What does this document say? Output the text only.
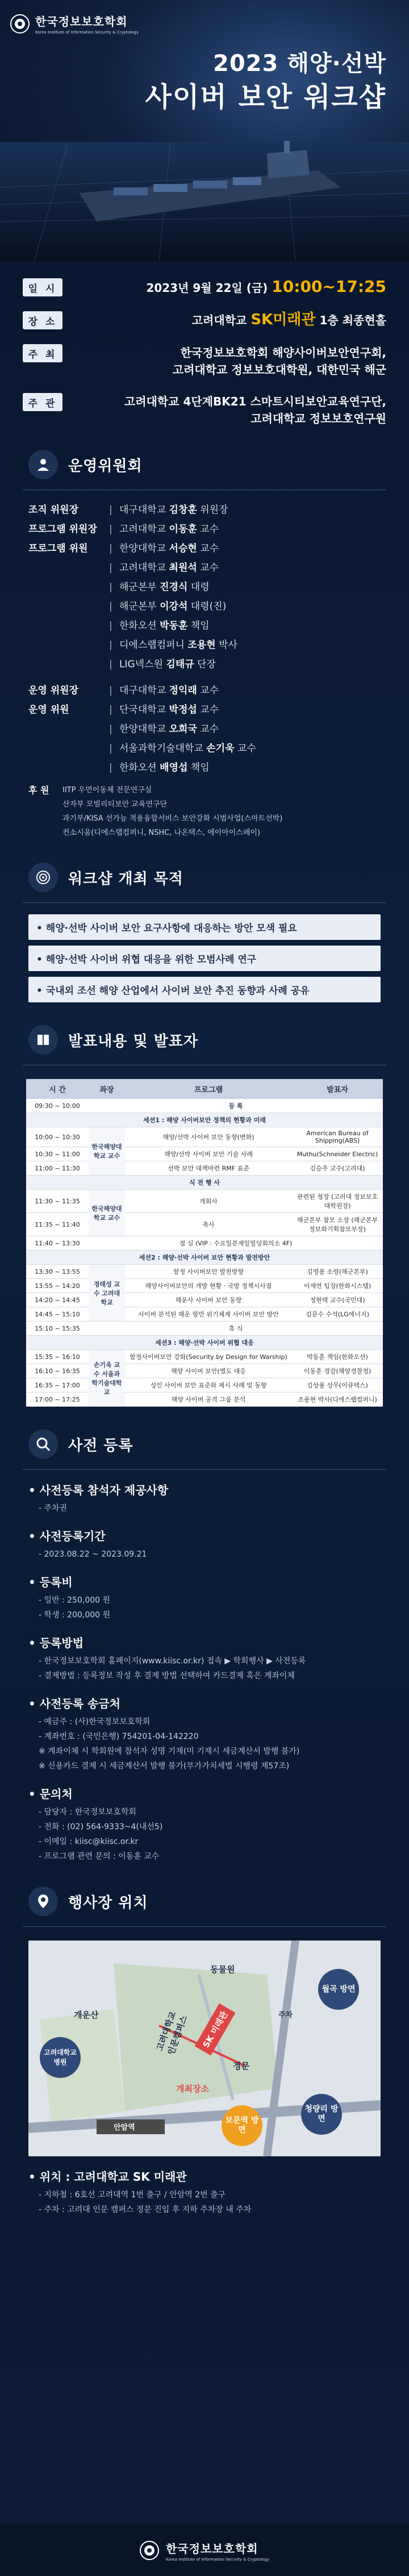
한국정보보호학회
Korea Institute of Information Security & Cryptology
2023 해양·선박
사이버 보안 워크샵
일 시	2023년 9월 22일 (금) 10:00~17:25
장 소	고려대학교 SK미래관 1층 최종현홀
주 최	한국정보보호학회 해양사이버보안연구회,
고려대학교 정보보호대학원, 대한민국 해군
주 관	고려대학교 4단계BK21 스마트시티보안교육연구단,
고려대학교 정보보호연구원
운영위원회
조직 위원장	| 대구대학교 김창훈 위원장
프로그램 위원장	| 고려대학교 이동훈 교수
프로그램 위원	| 한양대학교 서승현 교수
| 고려대학교 최원석 교수
| 해군본부 진경식 대령
| 해군본부 이강석 대령(진)
| 한화오션 박동훈 책임
| 디에스랩컴퍼니 조용현 박사
| LIG넥스원 김태규 단장
운영 위원장	| 대구대학교 정익래 교수
운영 위원	| 단국대학교 박정섭 교수
| 한양대학교 오희국 교수
| 서울과학기술대학교 손기욱 교수
| 한화오션 배영섭 책임
후 원	IITP 우먼이동체 전문연구실
산자부 모빌리티보안 교육연구단
과기부/KISA 선가능 적용융합서비스 보안강화 시범사업(스마트선박)
컨소시움(디에스랩컴퍼니, NSHC, 나온텍스, 에이아이스페이)
워크샵 개최 목적
• 해양·선박 사이버 보안 요구사항에 대응하는 방안 모색 필요
• 해양·선박 사이버 위협 대응을 위한 모범사례 연구
• 국내외 조선 해양 산업에서 사이버 보안 추진 동향과 사례 공유
발표내용 및 발표자
시 간	좌장	프로그램	발표자
09:30 ~ 10:00	등 록		
세션1 : 해양 사이버보안 정책의 현황과 미래			
10:00 ~ 10:30	한국해양대학교 교수	해양/선박 사이버 보안 동향(변화)	American Bureau of Shipping(ABS)
10:30 ~ 11:00		해양/선박 사이버 보안 기술 사례	Muthu(Schneider Electric)
11:00 ~ 11:30		선박 보안 대책마련 RMF 표준	김승주 교수(고려대)
식 전 행 사			
11:30 ~ 11:35	한국해양대학교 교수	개회사	관련된 청장 (고려대 정보보호 대학원장)
11:35 ~ 11:40		축사	해군본부 참모 소장 (해군본부 정보화기획참모부장)
11:40 ~ 13:30	점 심 (VIP : 수요일분재일빌딩회의소 4F)		
세션2 : 해양·선박 사이버 보안 현황과 발전방안			
13:30 ~ 13:55	정태성 교수 고려대학교	함정 사이버보안 발전방향	김영용 소령(해군본부)
13:55 ~ 14:20		해양사이버보안의 개발 현황 · 국방 정책시사점	이재연 팀장(한화시스템)
14:20 ~ 14:45		해운사 사이버 보안 동향	정현택 교수(국민대)
14:45 ~ 15:10		사이버 분석된 해운 항만 위기체계 사이버 보안 방안	김문수 수석(LG에너지)
15:10 ~ 15:35	휴 식		
세션3 : 해양·선박 사이버 위협 대응			
15:35 ~ 16:10	손기욱 교수 서울과학기술대학교	함정사이버보안 강화(Security by Design for Warship)	박동훈 책임(한화오션)
16:10 ~ 16:35		해양 사이버 보안(별도 대응	이동훈 경감(해양경찰청)
16:35 ~ 17:00		성인 사이버 보안 표준화 제시 사례 및 동향	김상용 상무(이큐텍스)
17:00 ~ 17:25		해양 사이버 공격 그룹 분석	조용현 박사(디에스랩컴퍼니)
사전 등록
• 사전등록 참석자 제공사항
- 주차권
• 사전등록기간
- 2023.08.22 ~ 2023.09.21
• 등록비
- 일반 : 250,000 원
- 학생 : 200,000 원
• 등록방법
- 한국정보보호학회 홈페이지(www.kiisc.or.kr) 접속 ▶ 학회행사 ▶ 사전등록
- 결제방법 : 등록정보 작성 후 결제 방법 선택하여 카드결제 혹은 계좌이체
• 사전등록 송금처
- 예금주 : (사)한국정보보호학회
- 계좌번호 : (국민은행) 754201-04-142220
※ 계좌이체 시 학회원에 참석자 성명 기재(미 기재시 세금계산서 발행 불가)
※ 신용카드 결제 시 세금계산서 발행 불가(부가가치세법 시행령 제57조)
• 문의처
- 담당자 : 한국정보보호학회
- 전화 : (02) 564-9333~4(내선5)
- 이메일 : kiisc@kiisc.or.kr
- 프로그램 관련 문의 : 이동훈 교수
행사장 위치
개운산	고려대학교 인문캠퍼스	SK 미래관
개최장소
안암역
고려대학교 병원
동물원
정문
월곡 방면
청량리 방면
보문역 방면
주차
• 위치 : 고려대학교 SK 미래관
- 지하철 : 6호선 고려대역 1번 출구 / 안암역 2번 출구
- 주차 : 고려대 인문 캠퍼스 정문 진입 후 지하 주차장 내 주차
한국정보보호학회
Korea Institute of Information Security & Cryptology
